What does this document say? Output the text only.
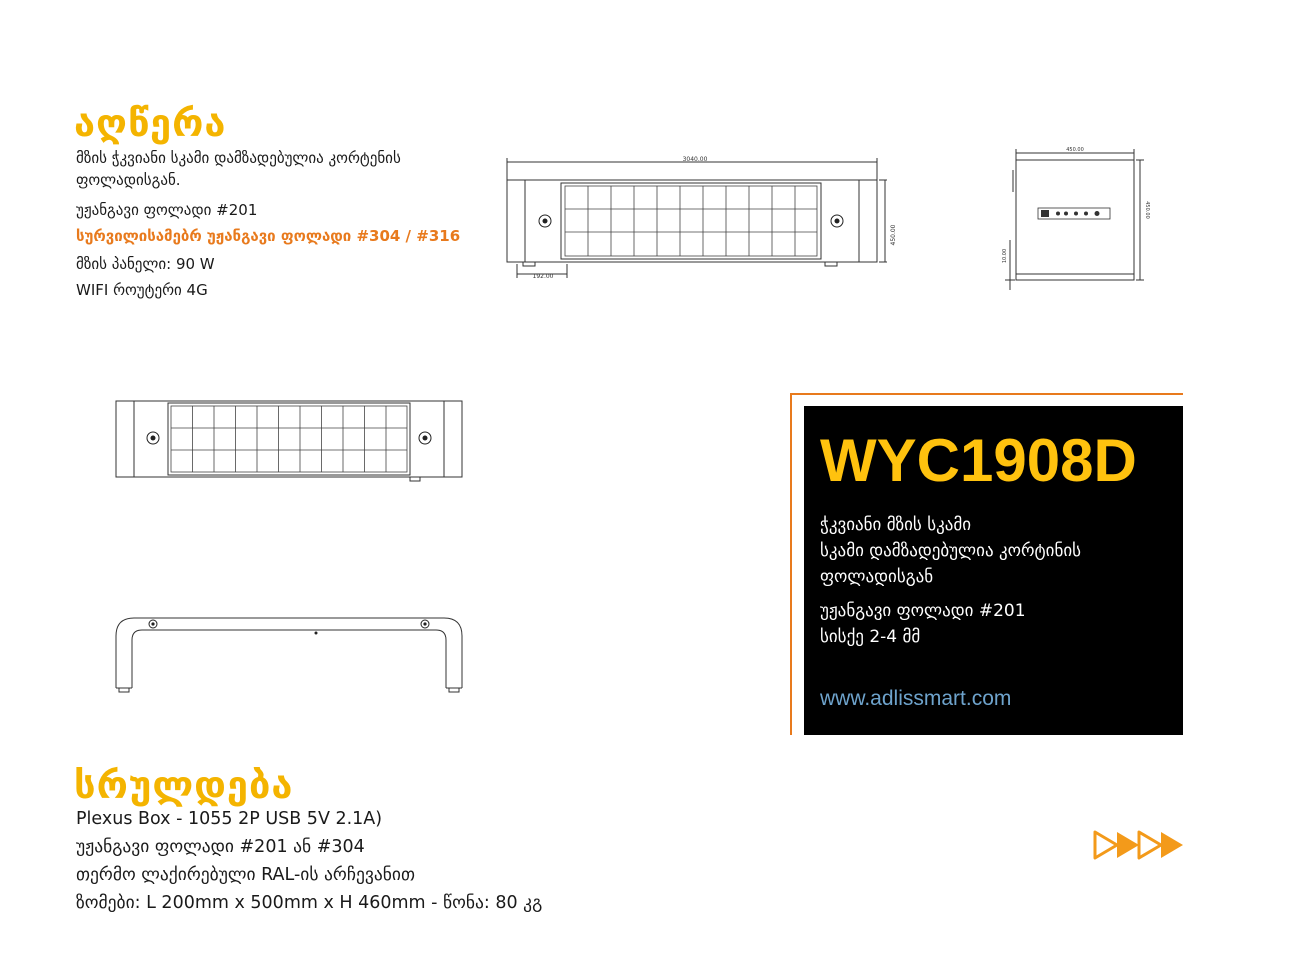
აღწერა
მზის ჭკვიანი სკამი დამზადებულია კორტენის
ფოლადისგან.
უჟანგავი ფოლადი #201
სურვილისამებრ უჟანგავი ფოლადი #304 / #316
მზის პანელი: 90 W
WIFI როუტერი 4G
3040.00
192.00
450.00
450.00
450.00
10.00
WYC1908D
ჭკვიანი მზის სკამი
სკამი დამზადებულია კორტინის
ფოლადისგან
უჟანგავი ფოლადი #201
სისქე 2-4 მმ
www.adlissmart.com
სრულდება
Plexus Box - 1055 2P USB 5V 2.1A)
უჟანგავი ფოლადი #201 ან #304
თერმო ლაქირებული RAL-ის არჩევანით
ზომები: L 200mm x 500mm x H 460mm - წონა: 80 კგ
